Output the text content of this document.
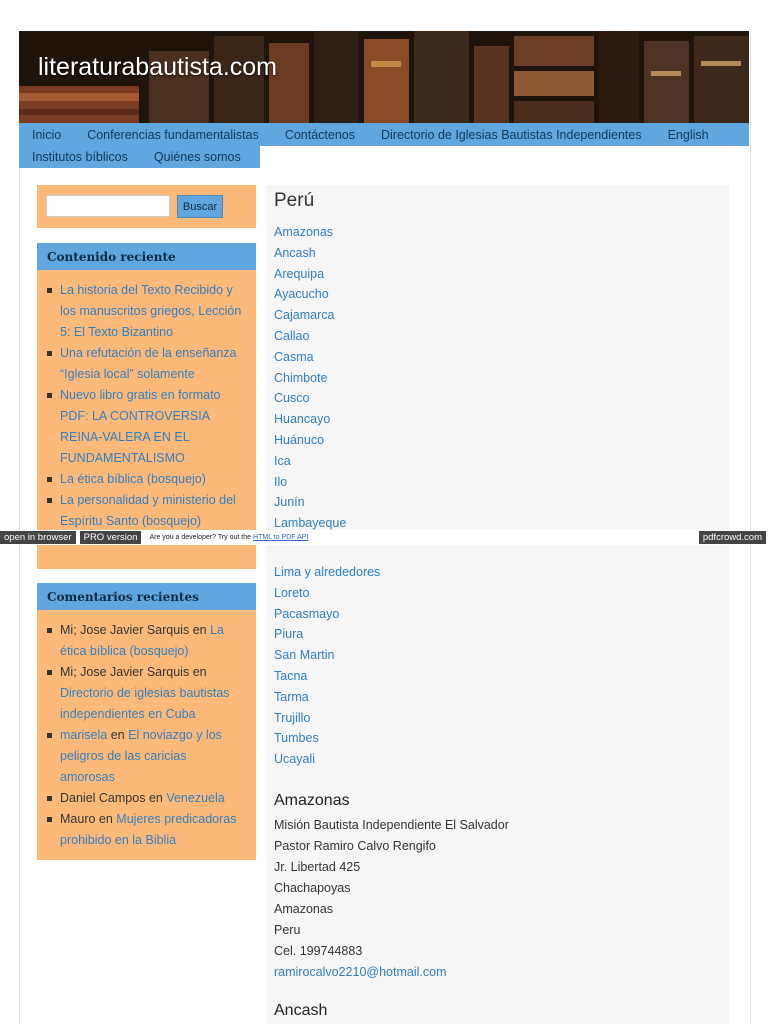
literaturabautista.com
Inicio	Conferencias fundamentalistas	Contáctenos	Directorio de Iglesias Bautistas Independientes	English
Institutos bíblicos	Quiénes somos
Buscar
Contenido reciente
La historia del Texto Recibido y los manuscritos griegos, Lección 5: El Texto Bizantino
Una refutación de la enseñanza “Iglesia local” solamente
Nuevo libro gratis en formato PDF: LA CONTROVERSIA REINA-VALERA EN EL FUNDAMENTALISMO
La ética bíblica (bosquejo)
La personalidad y ministerio del Espíritu Santo (bosquejo)
Comentarios recientes
Mi; Jose Javier Sarquis en La ética bíblica (bosquejo)
Mi; Jose Javier Sarquis en Directorio de iglesias bautistas independientes en Cuba
marisela en El noviazgo y los peligros de las caricias amorosas
Daniel Campos en Venezuela
Mauro en Mujeres predicadoras prohibido en la Biblia
Perú
Amazonas
Ancash
Arequipa
Ayacucho
Cajamarca
Callao
Casma
Chimbote
Cusco
Huancayo
Huánuco
Ica
Ilo
Junín
Lambayeque
Lima y alrededores
Loreto
Pacasmayo
Piura
San Martin
Tacna
Tarma
Trujillo
Tumbes
Ucayali
Amazonas
Misión Bautista Independiente El Salvador
Pastor Ramiro Calvo Rengifo
Jr. Libertad 425
Chachapoyas
Amazonas
Peru
Cel. 199744883
ramirocalvo2210@hotmail.com
Ancash
open in browser	PRO version	Are you a developer? Try out the HTML to PDF API	pdfcrowd.com
